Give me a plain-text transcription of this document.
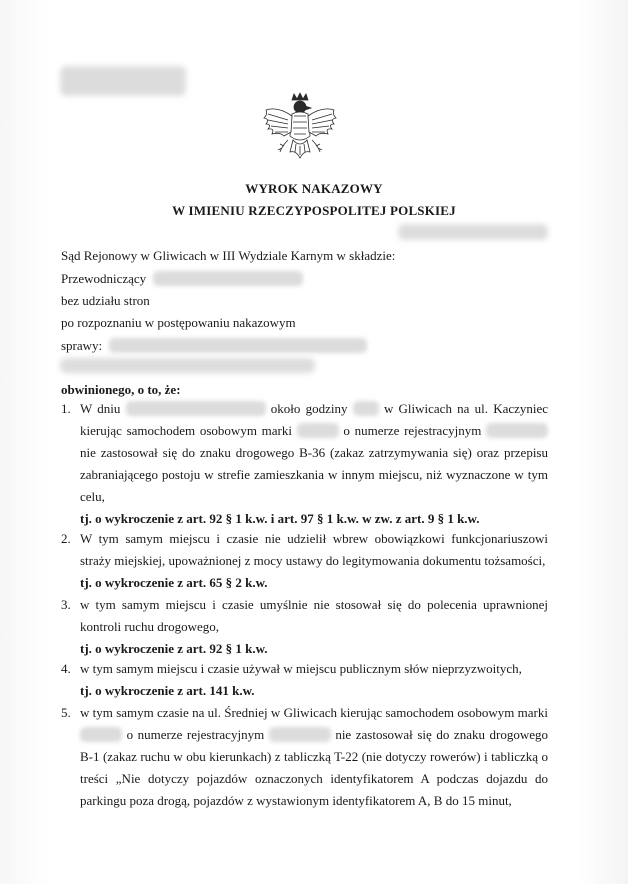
WYROK NAKAZOWY
W IMIENIU RZECZYPOSPOLITEJ POLSKIEJ
Sąd Rejonowy w Gliwicach w III Wydziale Karnym w składzie:
Przewodniczący
bez udziału stron
po rozpoznaniu w postępowaniu nakazowym
sprawy:
obwinionego, o to, że:
1. W dniu	około godziny	w Gliwicach na ul. Kaczyniec kierując samochodem osobowym marki	o numerze rejestracyjnym  nie zastosował się do znaku drogowego B-36 (zakaz zatrzymywania się) oraz przepisu zabraniającego postoju w strefie zamieszkania w innym miejscu, niż wyznaczone w tym celu,
tj. o wykroczenie z art. 92 § 1 k.w. i art. 97 § 1 k.w. w zw. z art. 9 § 1 k.w.
2. W tym samym miejscu i czasie nie udzielił wbrew obowiązkowi funkcjonariuszowi straży miejskiej, upoważnionej z mocy ustawy do legitymowania dokumentu tożsamości,
tj. o wykroczenie z art. 65 § 2 k.w.
3. w tym samym miejscu i czasie umyślnie nie stosował się do polecenia uprawnionej kontroli ruchu drogowego,
tj. o wykroczenie z art. 92 § 1 k.w.
4. w tym samym miejscu i czasie używał w miejscu publicznym słów nieprzyzwoitych,
tj. o wykroczenie z art. 141 k.w.
5. w tym samym czasie na ul. Średniej w Gliwicach kierując samochodem osobowym marki  o numerze rejestracyjnym	nie zastosował się do znaku drogowego B-1 (zakaz ruchu w obu kierunkach) z tabliczką T-22 (nie dotyczy rowerów) i tabliczką o treści „Nie dotyczy pojazdów oznaczonych identyfikatorem A podczas dojazdu do parkingu poza drogą, pojazdów z wystawionym identyfikatorem A, B do 15 minut,
